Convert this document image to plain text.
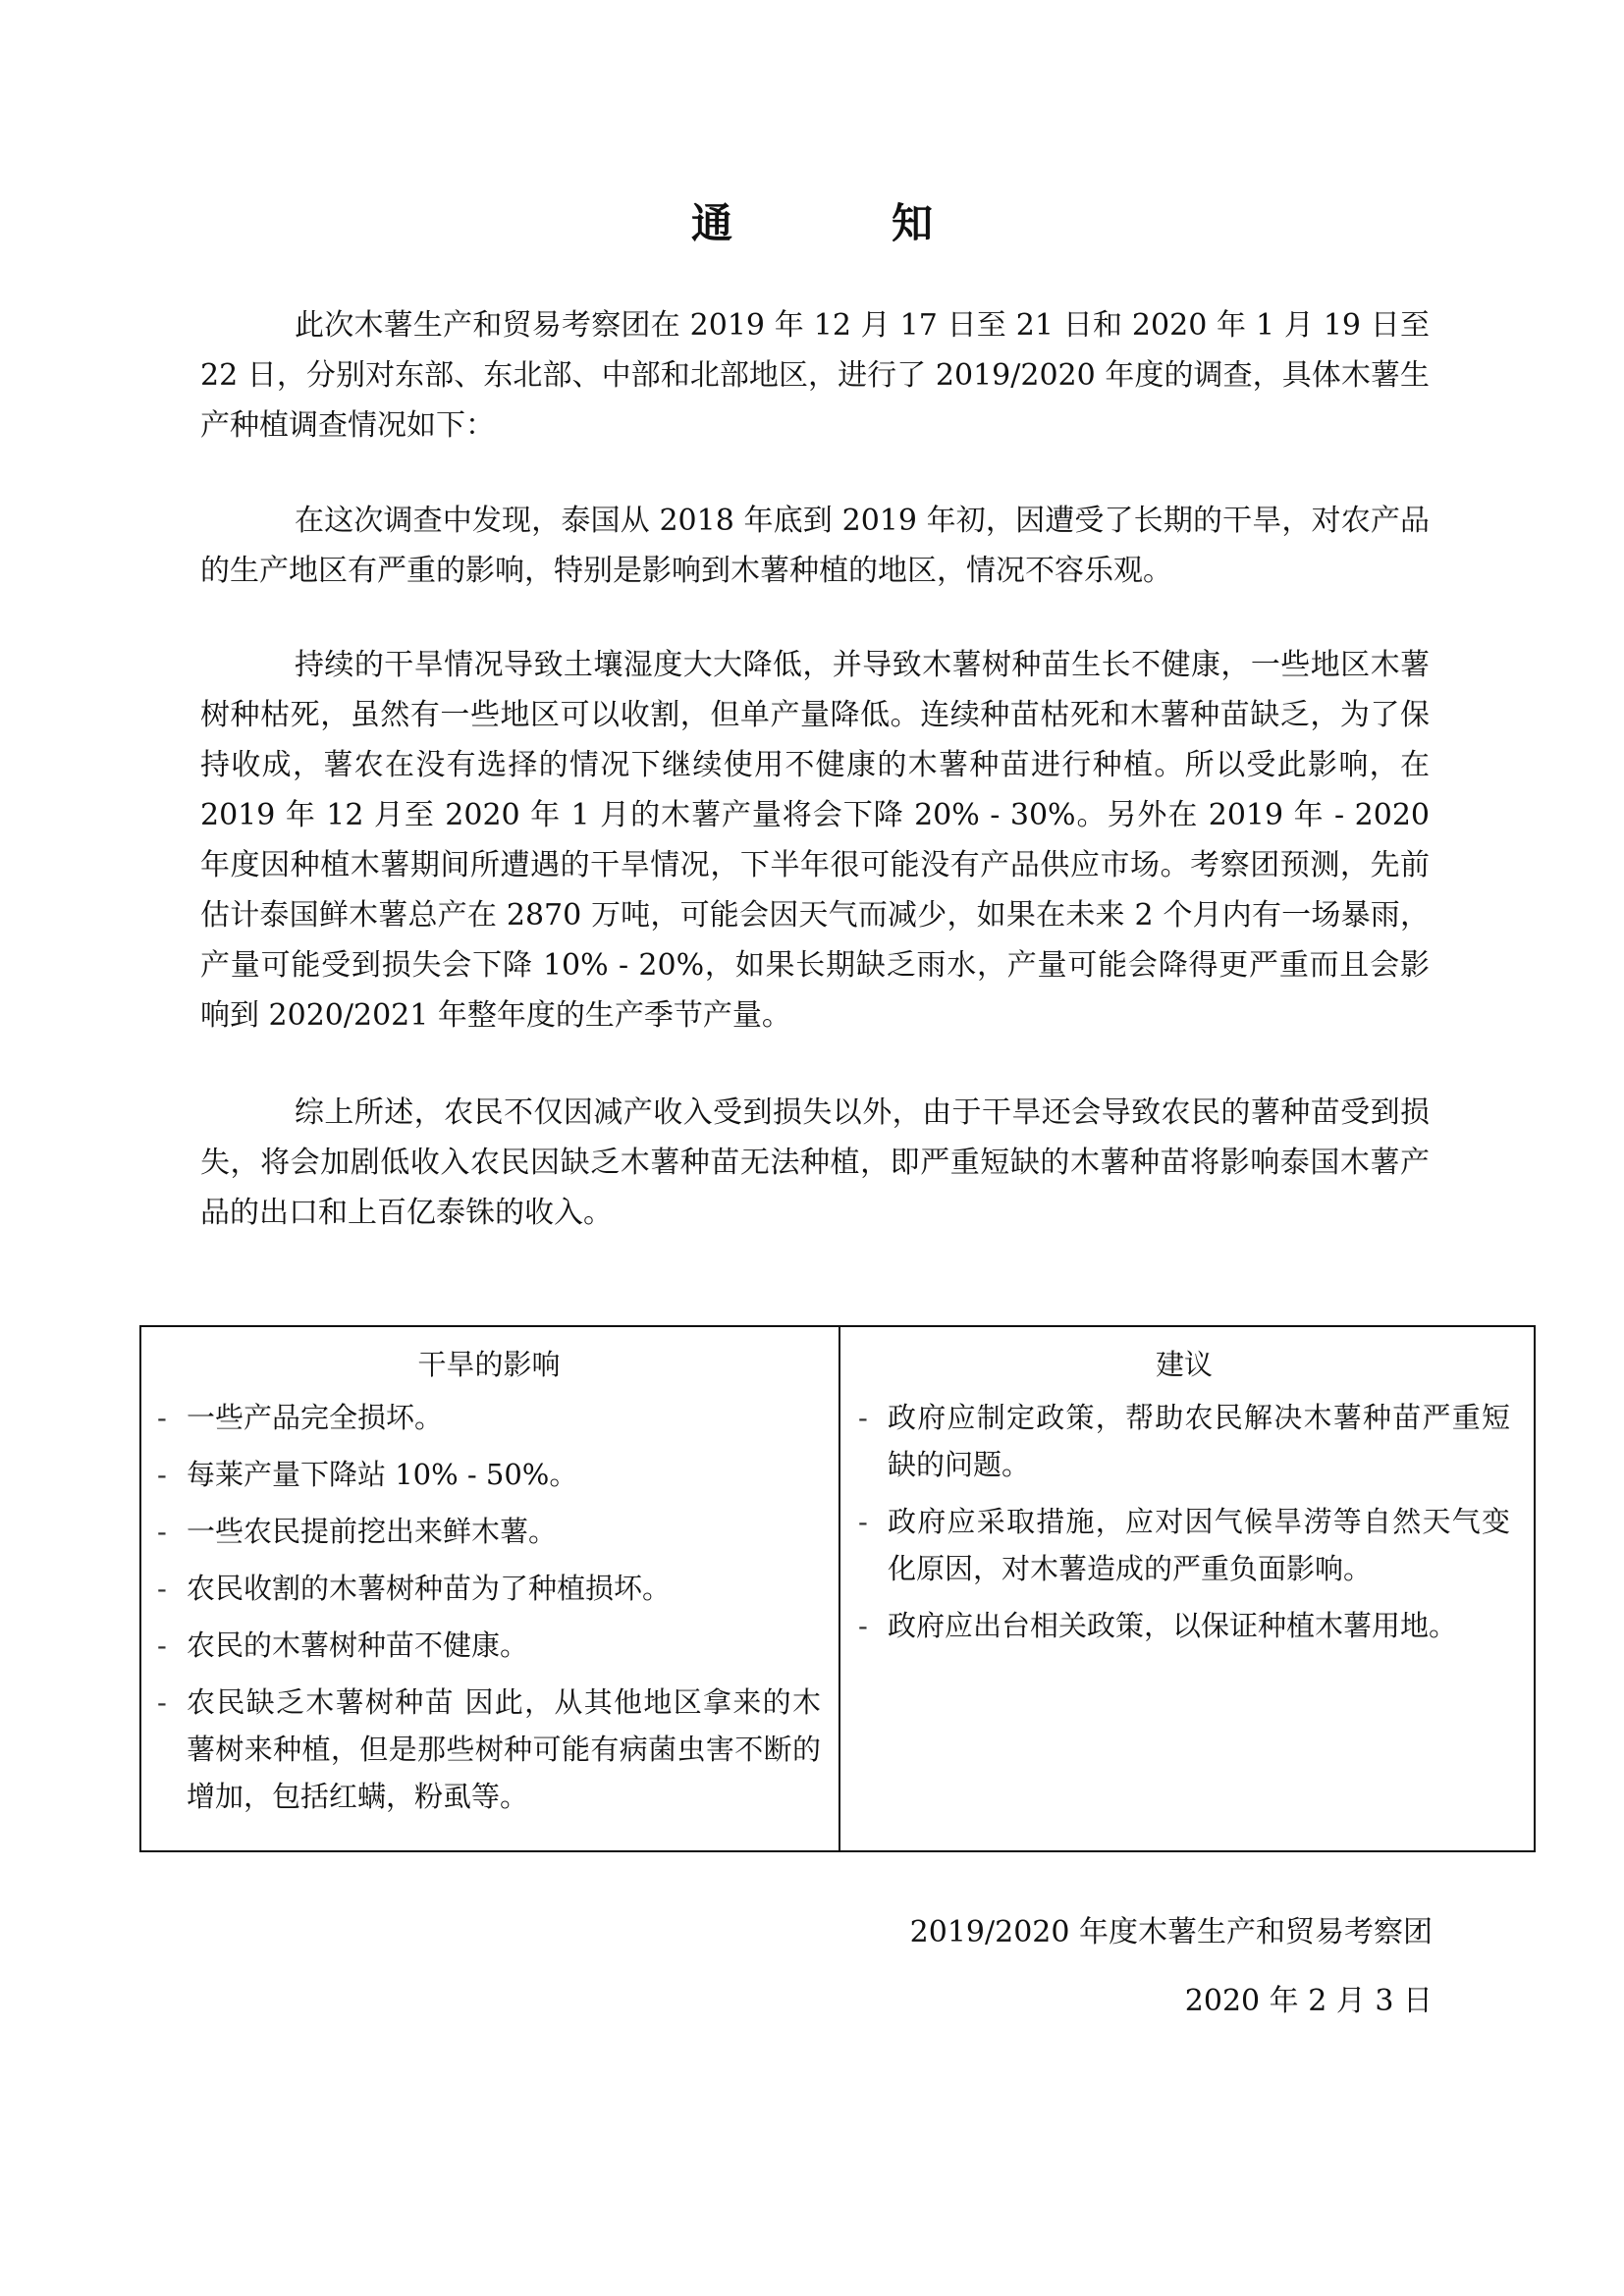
通　知

此次木薯生产和贸易考察团在 2019 年 12 月 17 日至 21 日和 2020 年 1 月 19 日至 22 日，分别对东部、东北部、中部和北部地区，进行了 2019/2020 年度的调查，具体木薯生产种植调查情况如下：

在这次调查中发现，泰国从 2018 年底到 2019 年初，因遭受了长期的干旱，对农产品的生产地区有严重的影响，特别是影响到木薯种植的地区，情况不容乐观。

持续的干旱情况导致土壤湿度大大降低，并导致木薯树种苗生长不健康，一些地区木薯树种枯死，虽然有一些地区可以收割，但单产量降低。连续种苗枯死和木薯种苗缺乏，为了保持收成，薯农在没有选择的情况下继续使用不健康的木薯种苗进行种植。所以受此影响，在 2019 年 12 月至 2020 年 1 月的木薯产量将会下降 20% - 30%。另外在 2019 年 - 2020 年度因种植木薯期间所遭遇的干旱情况，下半年很可能没有产品供应市场。考察团预测，先前估计泰国鲜木薯总产在 2870 万吨，可能会因天气而减少，如果在未来 2 个月内有一场暴雨，产量可能受到损失会下降 10% - 20%，如果长期缺乏雨水，产量可能会降得更严重而且会影响到 2020/2021 年整年度的生产季节产量。

综上所述，农民不仅因减产收入受到损失以外，由于干旱还会导致农民的薯种苗受到损失，将会加剧低收入农民因缺乏木薯种苗无法种植，即严重短缺的木薯种苗将影响泰国木薯产品的出口和上百亿泰铢的收入。

干旱的影响
- 一些产品完全损坏。
- 每莱产量下降站 10% - 50%。
- 一些农民提前挖出来鲜木薯。
- 农民收割的木薯树种苗为了种植损坏。
- 农民的木薯树种苗不健康。
- 农民缺乏木薯树种苗 因此，从其他地区拿来的木薯树来种植，但是那些树种可能有病菌虫害不断的增加，包括红螨，粉虱等。
建议
- 政府应制定政策，帮助农民解决木薯种苗严重短缺的问题。
- 政府应采取措施，应对因气候旱涝等自然天气变化原因，对木薯造成的严重负面影响。
- 政府应出台相关政策，以保证种植木薯用地。
2019/2020 年度木薯生产和贸易考察团
2020 年 2 月 3 日
